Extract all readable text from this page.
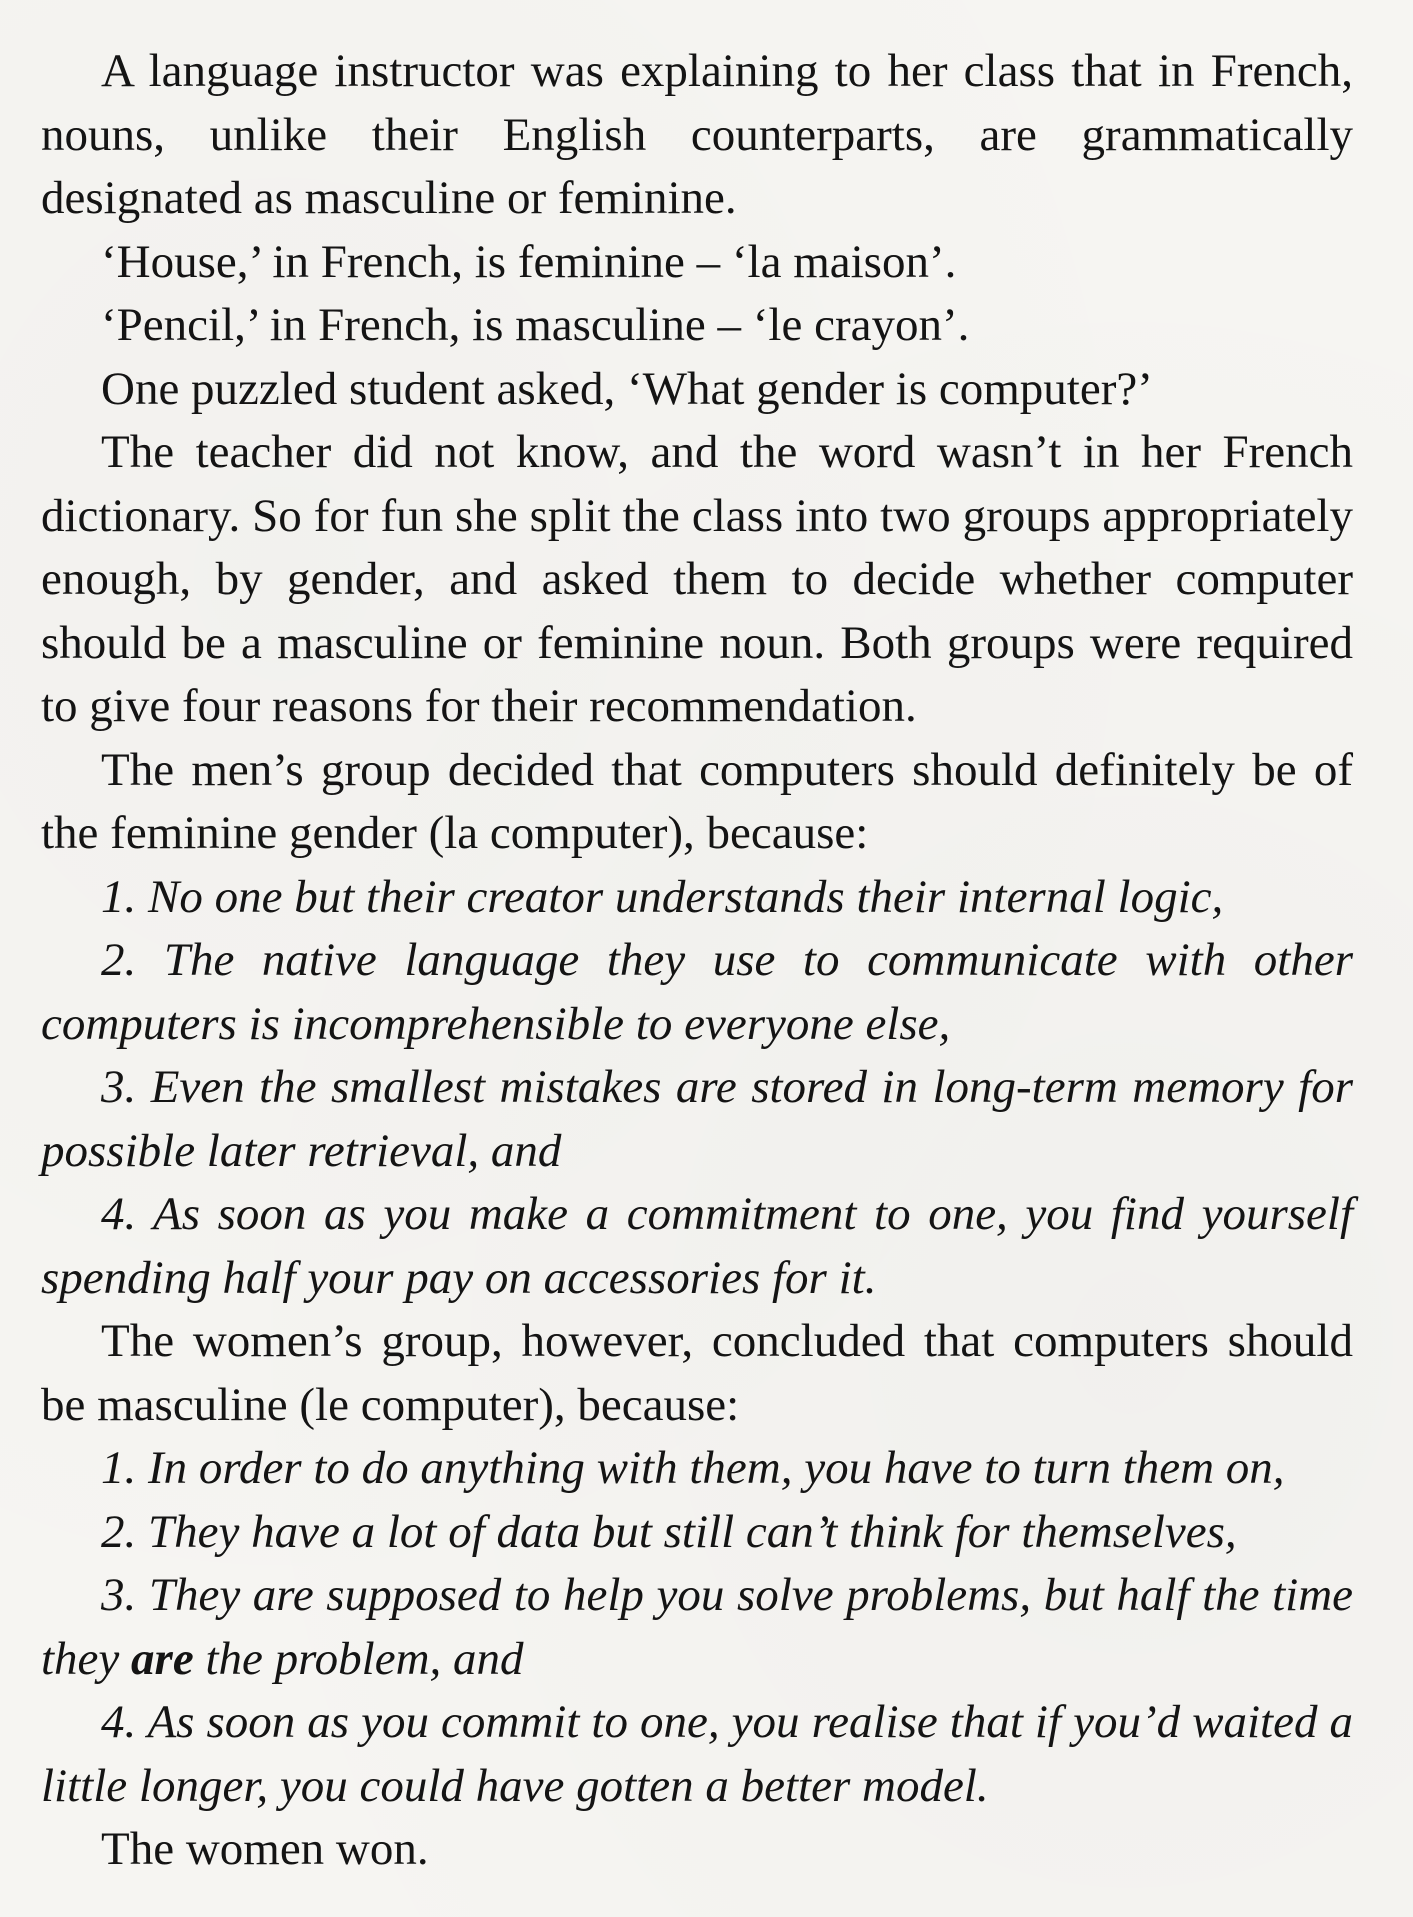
A language instructor was explaining to her class that in French, nouns, unlike their English counterparts, are grammatically designated as masculine or feminine.

‘House,’ in French, is feminine – ‘la maison’.

‘Pencil,’ in French, is masculine – ‘le crayon’.

One puzzled student asked, ‘What gender is computer?’

The teacher did not know, and the word wasn’t in her French dictionary. So for fun she split the class into two groups appropriately enough, by gender, and asked them to decide whether computer should be a masculine or feminine noun. Both groups were required to give four reasons for their recommendation.

The men’s group decided that computers should definitely be of the feminine gender (la computer), because:

1. No one but their creator understands their internal logic,

2. The native language they use to communicate with other computers is incomprehensible to everyone else,

3. Even the smallest mistakes are stored in long-term memory for possible later retrieval, and

4. As soon as you make a commitment to one, you find yourself spending half your pay on accessories for it.

The women’s group, however, concluded that computers should be masculine (le computer), because:

1. In order to do anything with them, you have to turn them on,

2. They have a lot of data but still can’t think for themselves,

3. They are supposed to help you solve problems, but half the time they are the problem, and

4. As soon as you commit to one, you realise that if you’d waited a little longer, you could have gotten a better model.

The women won.
